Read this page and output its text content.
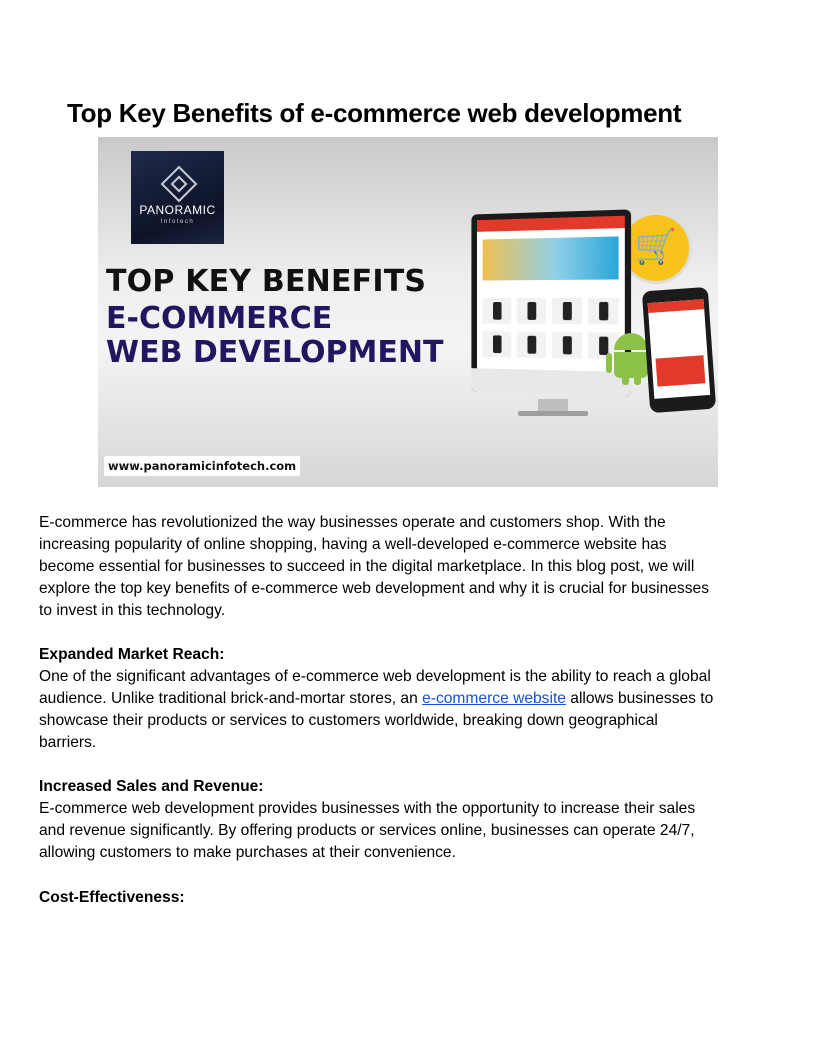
Top Key Benefits of e-commerce web development
PANORAMIC
Infotech
TOP KEY BENEFITS
E-COMMERCE
WEB DEVELOPMENT
🛒
www.panoramicinfotech.com
E-commerce has revolutionized the way businesses operate and customers shop. With the
increasing popularity of online shopping, having a well-developed e-commerce website has
become essential for businesses to succeed in the digital marketplace. In this blog post, we will
explore the top key benefits of e-commerce web development and why it is crucial for businesses
to invest in this technology.
Expanded Market Reach:
One of the significant advantages of e-commerce web development is the ability to reach a global
audience. Unlike traditional brick-and-mortar stores, an e-commerce website allows businesses to
showcase their products or services to customers worldwide, breaking down geographical
barriers.
Increased Sales and Revenue:
E-commerce web development provides businesses with the opportunity to increase their sales
and revenue significantly. By offering products or services online, businesses can operate 24/7,
allowing customers to make purchases at their convenience.
Cost-Effectiveness:
